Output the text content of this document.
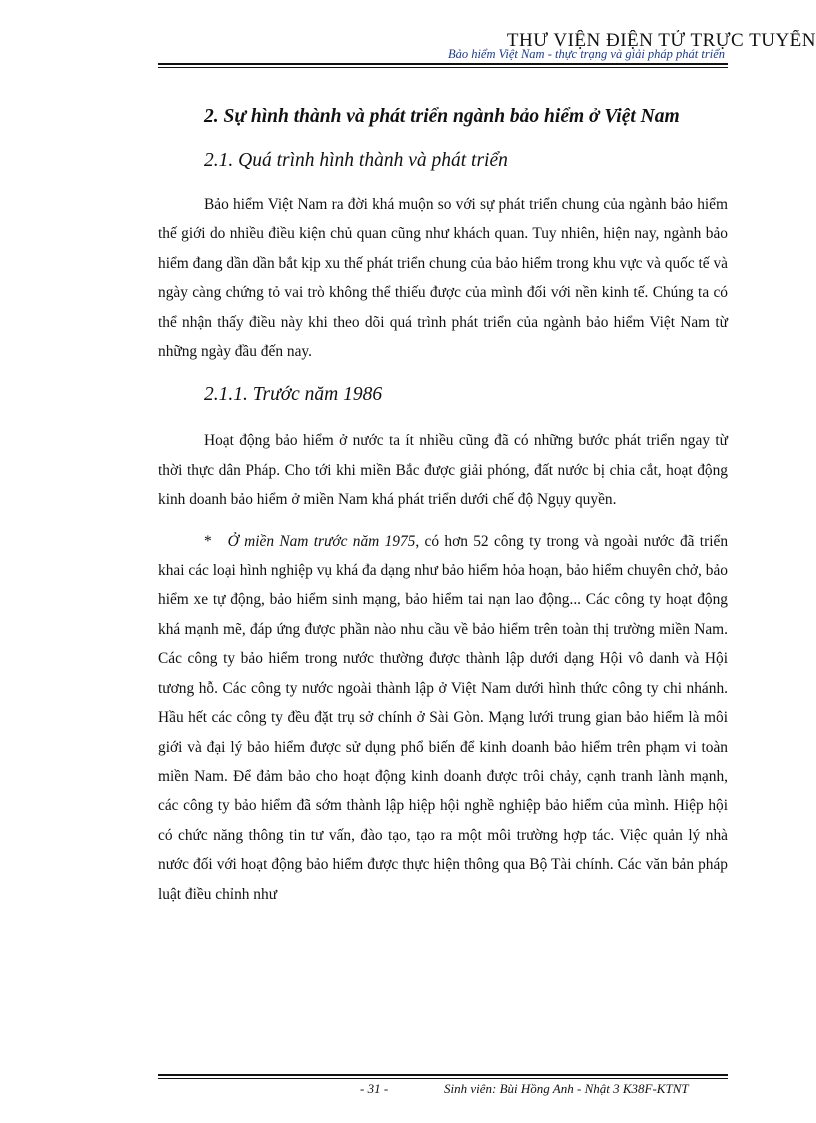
THƯ VIỆN ĐIỆN TỬ TRỰC TUYẾN
Bảo hiểm Việt Nam - thực trạng và giải pháp phát triển
2. Sự hình thành và phát triển ngành bảo hiểm ở Việt Nam
2.1. Quá trình hình thành và phát triển

Bảo hiểm Việt Nam ra đời khá muộn so với sự phát triển chung của ngành bảo hiểm thế giới do nhiều điều kiện chủ quan cũng như khách quan. Tuy nhiên, hiện nay, ngành bảo hiểm đang dần dần bắt kịp xu thế phát triển chung của bảo hiểm trong khu vực và quốc tế và ngày càng chứng tỏ vai trò không thể thiếu được của mình đối với nền kinh tế. Chúng ta có thể nhận thấy điều này khi theo dõi quá trình phát triển của ngành bảo hiểm Việt Nam từ những ngày đầu đến nay.

2.1.1. Trước năm 1986

Hoạt động bảo hiểm ở nước ta ít nhiều cũng đã có những bước phát triển ngay từ thời thực dân Pháp. Cho tới khi miền Bắc được giải phóng, đất nước bị chia cắt, hoạt động kinh doanh bảo hiểm ở miền Nam khá phát triển dưới chế độ Ngụy quyền.

* Ở miền Nam trước năm 1975, có hơn 52 công ty trong và ngoài nước đã triển khai các loại hình nghiệp vụ khá đa dạng như bảo hiểm hỏa hoạn, bảo hiểm chuyên chở, bảo hiểm xe tự động, bảo hiểm sinh mạng, bảo hiểm tai nạn lao động... Các công ty hoạt động khá mạnh mẽ, đáp ứng được phần nào nhu cầu về bảo hiểm trên toàn thị trường miền Nam. Các công ty bảo hiểm trong nước thường được thành lập dưới dạng Hội vô danh và Hội tương hỗ. Các công ty nước ngoài thành lập ở Việt Nam dưới hình thức công ty chi nhánh. Hầu hết các công ty đều đặt trụ sở chính ở Sài Gòn. Mạng lưới trung gian bảo hiểm là môi giới và đại lý bảo hiểm được sử dụng phổ biến để kinh doanh bảo hiểm trên phạm vi toàn miền Nam. Để đảm bảo cho hoạt động kinh doanh được trôi chảy, cạnh tranh lành mạnh, các công ty bảo hiểm đã sớm thành lập hiệp hội nghề nghiệp bảo hiểm của mình. Hiệp hội có chức năng thông tin tư vấn, đào tạo, tạo ra một môi trường hợp tác. Việc quản lý nhà nước đối với hoạt động bảo hiểm được thực hiện thông qua Bộ Tài chính. Các văn bản pháp luật điều chỉnh như

- 31 -	Sinh viên: Bùi Hồng Anh - Nhật 3 K38F-KTNT
